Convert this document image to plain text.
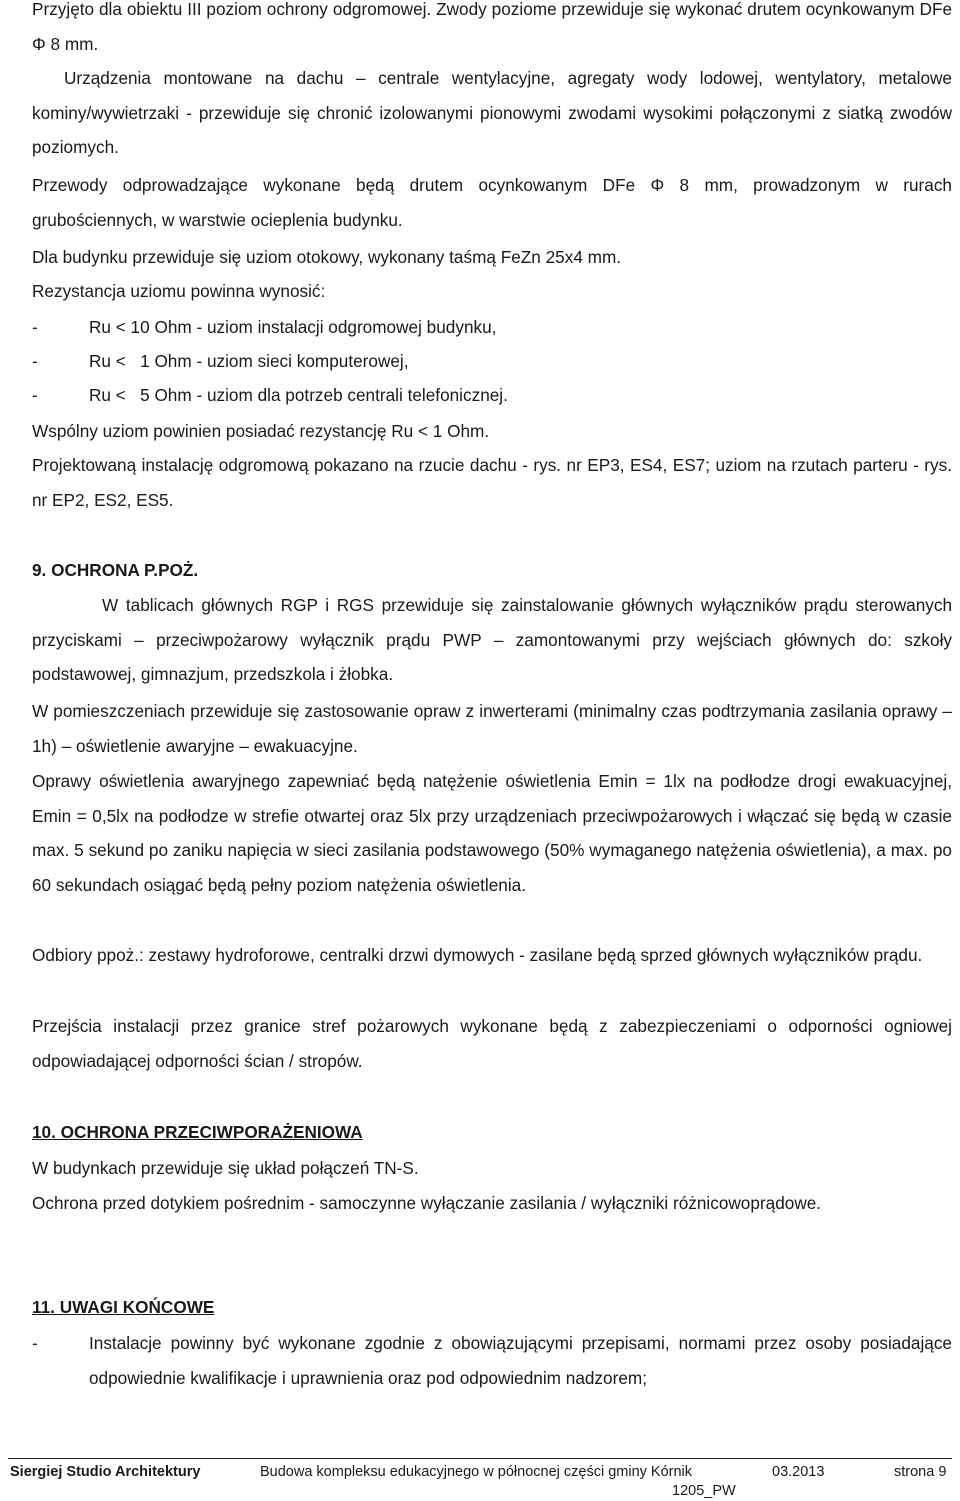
Przyjęto dla obiektu III poziom ochrony odgromowej. Zwody poziome przewiduje się wykonać drutem ocynkowanym DFe Φ 8 mm.

Urządzenia montowane na dachu – centrale wentylacyjne, agregaty wody lodowej, wentylatory, metalowe kominy/wywietrzaki - przewiduje się chronić izolowanymi pionowymi zwodami wysokimi połączonymi z siatką zwodów poziomych.

Przewody odprowadzające wykonane będą drutem ocynkowanym DFe Φ 8 mm, prowadzonym w rurach grubościennych, w warstwie ocieplenia budynku.

Dla budynku przewiduje się uziom otokowy, wykonany taśmą FeZn 25x4 mm.

Rezystancja uziomu powinna wynosić:

-	Ru < 10 Ohm - uziom instalacji odgromowej budynku,
-	Ru <   1 Ohm - uziom sieci komputerowej,
-	Ru <   5 Ohm - uziom dla potrzeb centrali telefonicznej.

Wspólny uziom powinien posiadać rezystancję Ru < 1 Ohm.

Projektowaną instalację odgromową pokazano na rzucie dachu - rys. nr EP3, ES4, ES7; uziom na rzutach parteru - rys. nr EP2, ES2, ES5.

9. OCHRONA P.POŻ.

W tablicach głównych RGP i RGS przewiduje się zainstalowanie głównych wyłączników prądu sterowanych przyciskami – przeciwpożarowy wyłącznik prądu PWP – zamontowanymi przy wejściach głównych do: szkoły podstawowej, gimnazjum, przedszkola i żłobka.

W pomieszczeniach przewiduje się zastosowanie opraw z inwerterami (minimalny czas podtrzymania zasilania oprawy – 1h) – oświetlenie awaryjne – ewakuacyjne.

Oprawy oświetlenia awaryjnego zapewniać będą natężenie oświetlenia Emin = 1lx na podłodze drogi ewakuacyjnej, Emin = 0,5lx na podłodze w strefie otwartej oraz 5lx przy urządzeniach przeciwpożarowych i włączać się będą w czasie max. 5 sekund po zaniku napięcia w sieci zasilania podstawowego (50% wymaganego natężenia oświetlenia), a max. po 60 sekundach osiągać będą pełny poziom natężenia oświetlenia.

Odbiory ppoż.: zestawy hydroforowe, centralki drzwi dymowych - zasilane będą sprzed głównych wyłączników prądu.

Przejścia instalacji przez granice stref pożarowych wykonane będą z zabezpieczeniami o odporności ogniowej odpowiadającej odporności ścian / stropów.

10. OCHRONA PRZECIWPORAŻENIOWA

W budynkach przewiduje się układ połączeń TN-S.

Ochrona przed dotykiem pośrednim - samoczynne wyłączanie zasilania / wyłączniki różnicowoprądowe.

11. UWAGI KOŃCOWE

-	Instalacje powinny być wykonane zgodnie z obowiązującymi przepisami, normami przez osoby posiadające odpowiednie kwalifikacje i uprawnienia oraz pod odpowiednim nadzorem;
Siergiej Studio Architektury	Budowa kompleksu edukacyjnego w północnej części gminy Kórnik	03.2013	strona 9
1205_PW
